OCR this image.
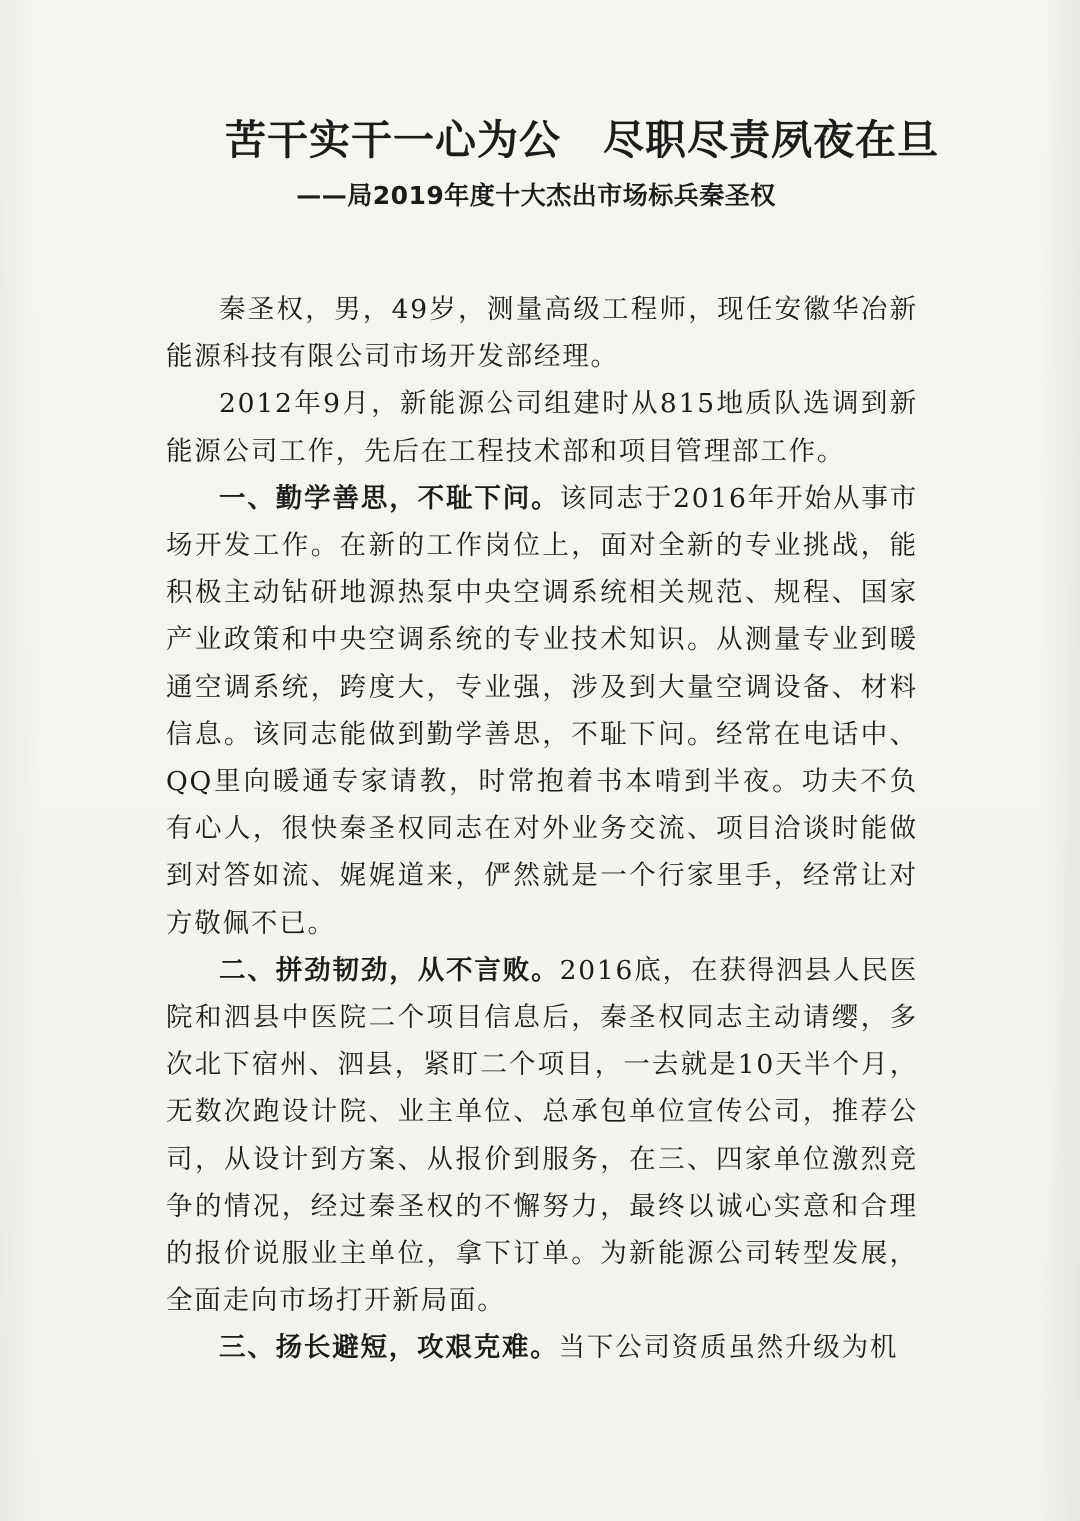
苦干实干一心为公　尽职尽责夙夜在旦
——局2019年度十大杰出市场标兵秦圣权

秦圣权，男，49岁，测量高级工程师，现任安徽华冶新能源科技有限公司市场开发部经理。

2012年9月，新能源公司组建时从815地质队选调到新能源公司工作，先后在工程技术部和项目管理部工作。

一、勤学善思，不耻下问。该同志于2016年开始从事市场开发工作。在新的工作岗位上，面对全新的专业挑战，能积极主动钻研地源热泵中央空调系统相关规范、规程、国家产业政策和中央空调系统的专业技术知识。从测量专业到暖通空调系统，跨度大，专业强，涉及到大量空调设备、材料信息。该同志能做到勤学善思，不耻下问。经常在电话中、QQ里向暖通专家请教，时常抱着书本啃到半夜。功夫不负有心人，很快秦圣权同志在对外业务交流、项目洽谈时能做到对答如流、娓娓道来，俨然就是一个行家里手，经常让对方敬佩不已。

二、拼劲韧劲，从不言败。2016底，在获得泗县人民医院和泗县中医院二个项目信息后，秦圣权同志主动请缨，多次北下宿州、泗县，紧盯二个项目，一去就是10天半个月，无数次跑设计院、业主单位、总承包单位宣传公司，推荐公司，从设计到方案、从报价到服务，在三、四家单位激烈竞争的情况，经过秦圣权的不懈努力，最终以诚心实意和合理的报价说服业主单位，拿下订单。为新能源公司转型发展，全面走向市场打开新局面。

三、扬长避短，攻艰克难。当下公司资质虽然升级为机
